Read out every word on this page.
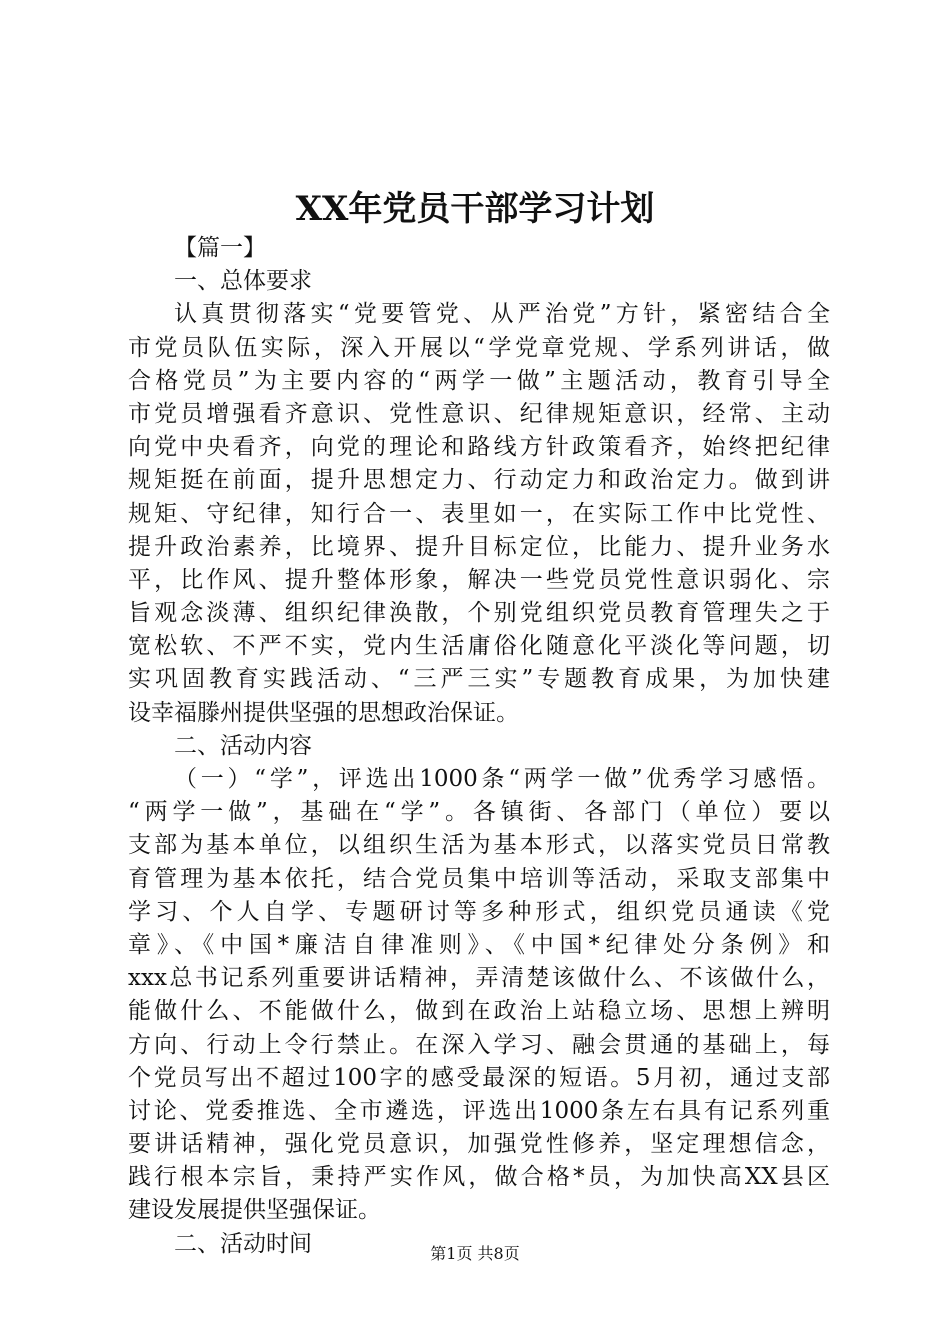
XX年党员干部学习计划
【篇一】
一、总体要求
认真贯彻落实“党要管党、从严治党”方针，紧密结合全
市党员队伍实际，深入开展以“学党章党规、学系列讲话，做
合格党员”为主要内容的“两学一做”主题活动，教育引导全
市党员增强看齐意识、党性意识、纪律规矩意识，经常、主动
向党中央看齐，向党的理论和路线方针政策看齐，始终把纪律
规矩挺在前面，提升思想定力、行动定力和政治定力。做到讲
规矩、守纪律，知行合一、表里如一，在实际工作中比党性、
提升政治素养，比境界、提升目标定位，比能力、提升业务水
平，比作风、提升整体形象，解决一些党员党性意识弱化、宗
旨观念淡薄、组织纪律涣散，个别党组织党员教育管理失之于
宽松软、不严不实，党内生活庸俗化随意化平淡化等问题，切
实巩固教育实践活动、“三严三实”专题教育成果，为加快建
设幸福滕州提供坚强的思想政治保证。
二、活动内容
（一）“学”，评选出1000条“两学一做”优秀学习感悟。
“两学一做”，基础在“学”。各镇街、各部门（单位）要以
支部为基本单位，以组织生活为基本形式，以落实党员日常教
育管理为基本依托，结合党员集中培训等活动，采取支部集中
学习、个人自学、专题研讨等多种形式，组织党员通读《党
章》、《中国*廉洁自律准则》、《中国*纪律处分条例》和
xxx总书记系列重要讲话精神，弄清楚该做什么、不该做什么，
能做什么、不能做什么，做到在政治上站稳立场、思想上辨明
方向、行动上令行禁止。在深入学习、融会贯通的基础上，每
个党员写出不超过100字的感受最深的短语。5月初，通过支部
讨论、党委推选、全市遴选，评选出1000条左右具有记系列重
要讲话精神，强化党员意识，加强党性修养，坚定理想信念，
践行根本宗旨，秉持严实作风，做合格*员，为加快高XX县区
建设发展提供坚强保证。
二、活动时间	第1页 共8页
